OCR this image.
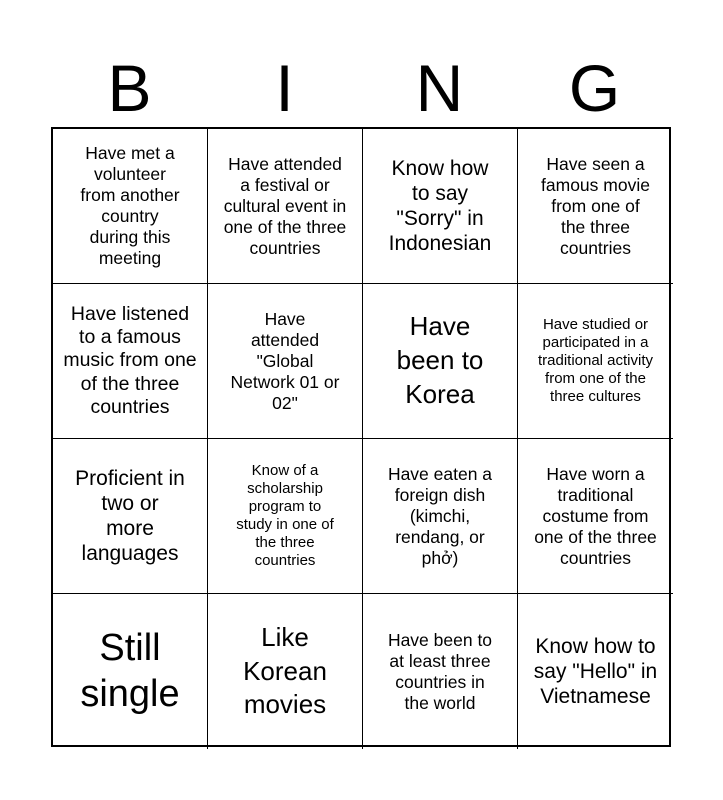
B	I	N	G
Have met a volunteer from another country during this meeting
Have attended a festival or cultural event in one of the three countries
Know how to say "Sorry" in Indonesian
Have seen a famous movie from one of the three countries
Have listened to a famous music from one of the three countries
Have attended "Global Network 01 or 02"
Have been to Korea
Have studied or participated in a traditional activity from one of the three cultures
Proficient in two or more languages
Know of a scholarship program to study in one of the three countries
Have eaten a foreign dish (kimchi, rendang, or phở)
Have worn a traditional costume from one of the three countries
Still single
Like Korean movies
Have been to at least three countries in the world
Know how to say "Hello" in Vietnamese
